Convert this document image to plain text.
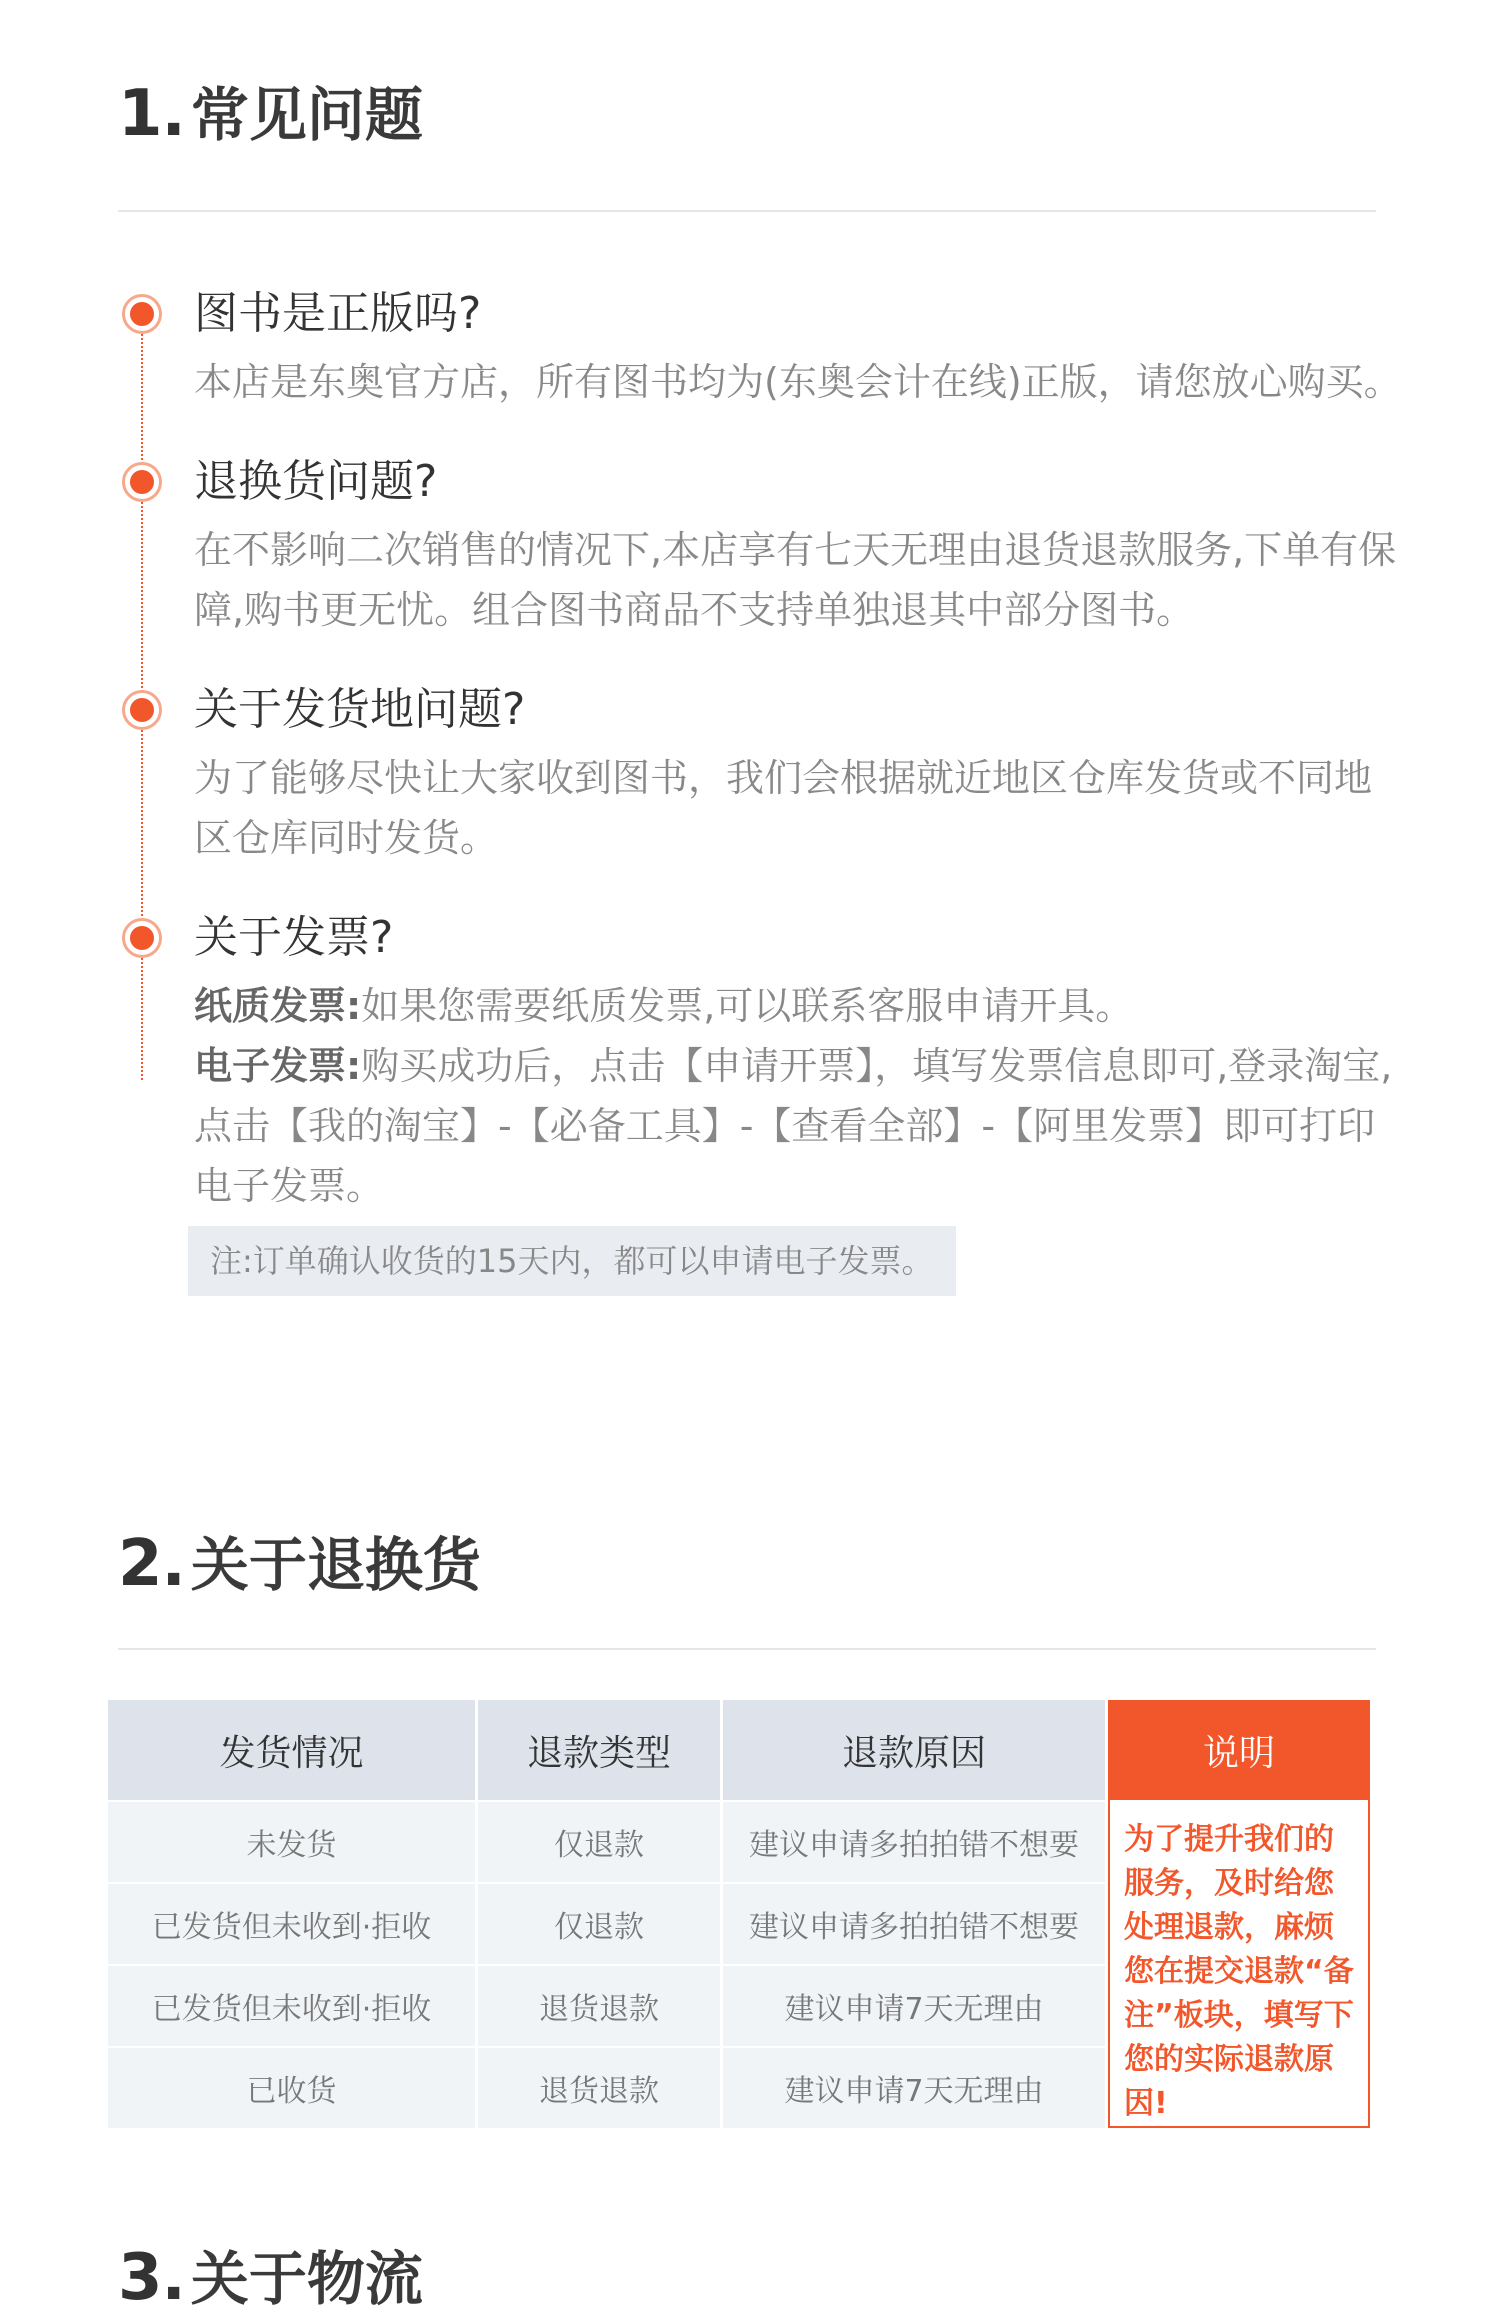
1. 常见问题
图书是正版吗?
本店是东奥官方店，所有图书均为(东奥会计在线)正版，请您放心购买。
退换货问题?
在不影响二次销售的情况下,本店享有七天无理由退货退款服务,下单有保障,购书更无忧。组合图书商品不支持单独退其中部分图书。
关于发货地问题?
为了能够尽快让大家收到图书，我们会根据就近地区仓库发货或不同地区仓库同时发货。
关于发票?
纸质发票:如果您需要纸质发票,可以联系客服申请开具。
电子发票:购买成功后，点击【申请开票】，填写发票信息即可,登录淘宝,点击【我的淘宝】-【必备工具】-【查看全部】-【阿里发票】即可打印电子发票。
注:订单确认收货的15天内，都可以申请电子发票。
2. 关于退换货
发货情况	退款类型	退款原因	说明
未发货	仅退款	建议申请多拍拍错不想要	为了提升我们的服务，及时给您处理退款，麻烦您在提交退款“备注”板块，填写下您的实际退款原因!
已发货但未收到·拒收	仅退款	建议申请多拍拍错不想要	
已发货但未收到·拒收	退货退款	建议申请7天无理由	
已收货	退货退款	建议申请7天无理由	
3. 关于物流
